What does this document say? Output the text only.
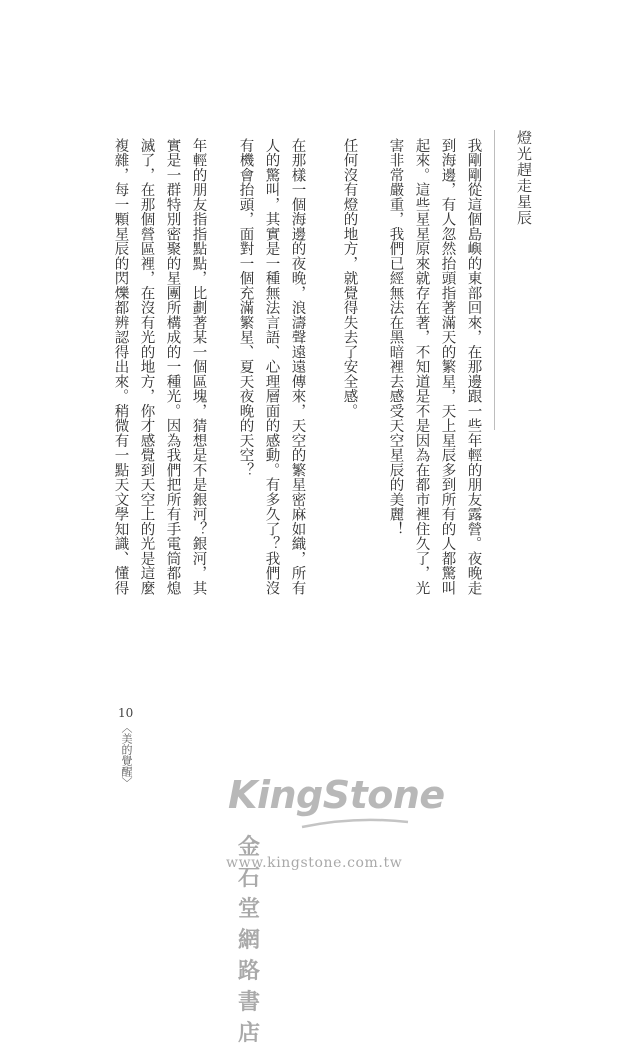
燈光趕走星辰
我剛剛從這個島嶼的東部回來，在那邊跟一些年輕的朋友露營。夜晚走
到海邊，有人忽然抬頭指著滿天的繁星，天上星辰多到所有的人都驚叫
起來。這些星星原來就存在著，不知道是不是因為在都市裡住久了，光
害非常嚴重，我們已經無法在黑暗裡去感受天空星辰的美麗！
任何沒有燈的地方，就覺得失去了安全感。
在那樣一個海邊的夜晚，浪濤聲遠遠傳來，天空的繁星密麻如織，所有
人的驚叫，其實是一種無法言語、心理層面的感動。有多久了？我們沒
有機會抬頭，面對一個充滿繁星、夏天夜晚的天空？
年輕的朋友指指點點，比劃著某一個區塊，猜想是不是銀河？銀河，其
實是一群特別密聚的星團所構成的一種光。因為我們把所有手電筒都熄
滅了，在那個營區裡，在沒有光的地方，你才感覺到天空上的光是這麼
複雜，每一顆星辰的閃爍都辨認得出來。稍微有一點天文學知識、懂得
10
〈美的覺醒〉
KingStone
金石堂網路書店
www.kingstone.com.tw
